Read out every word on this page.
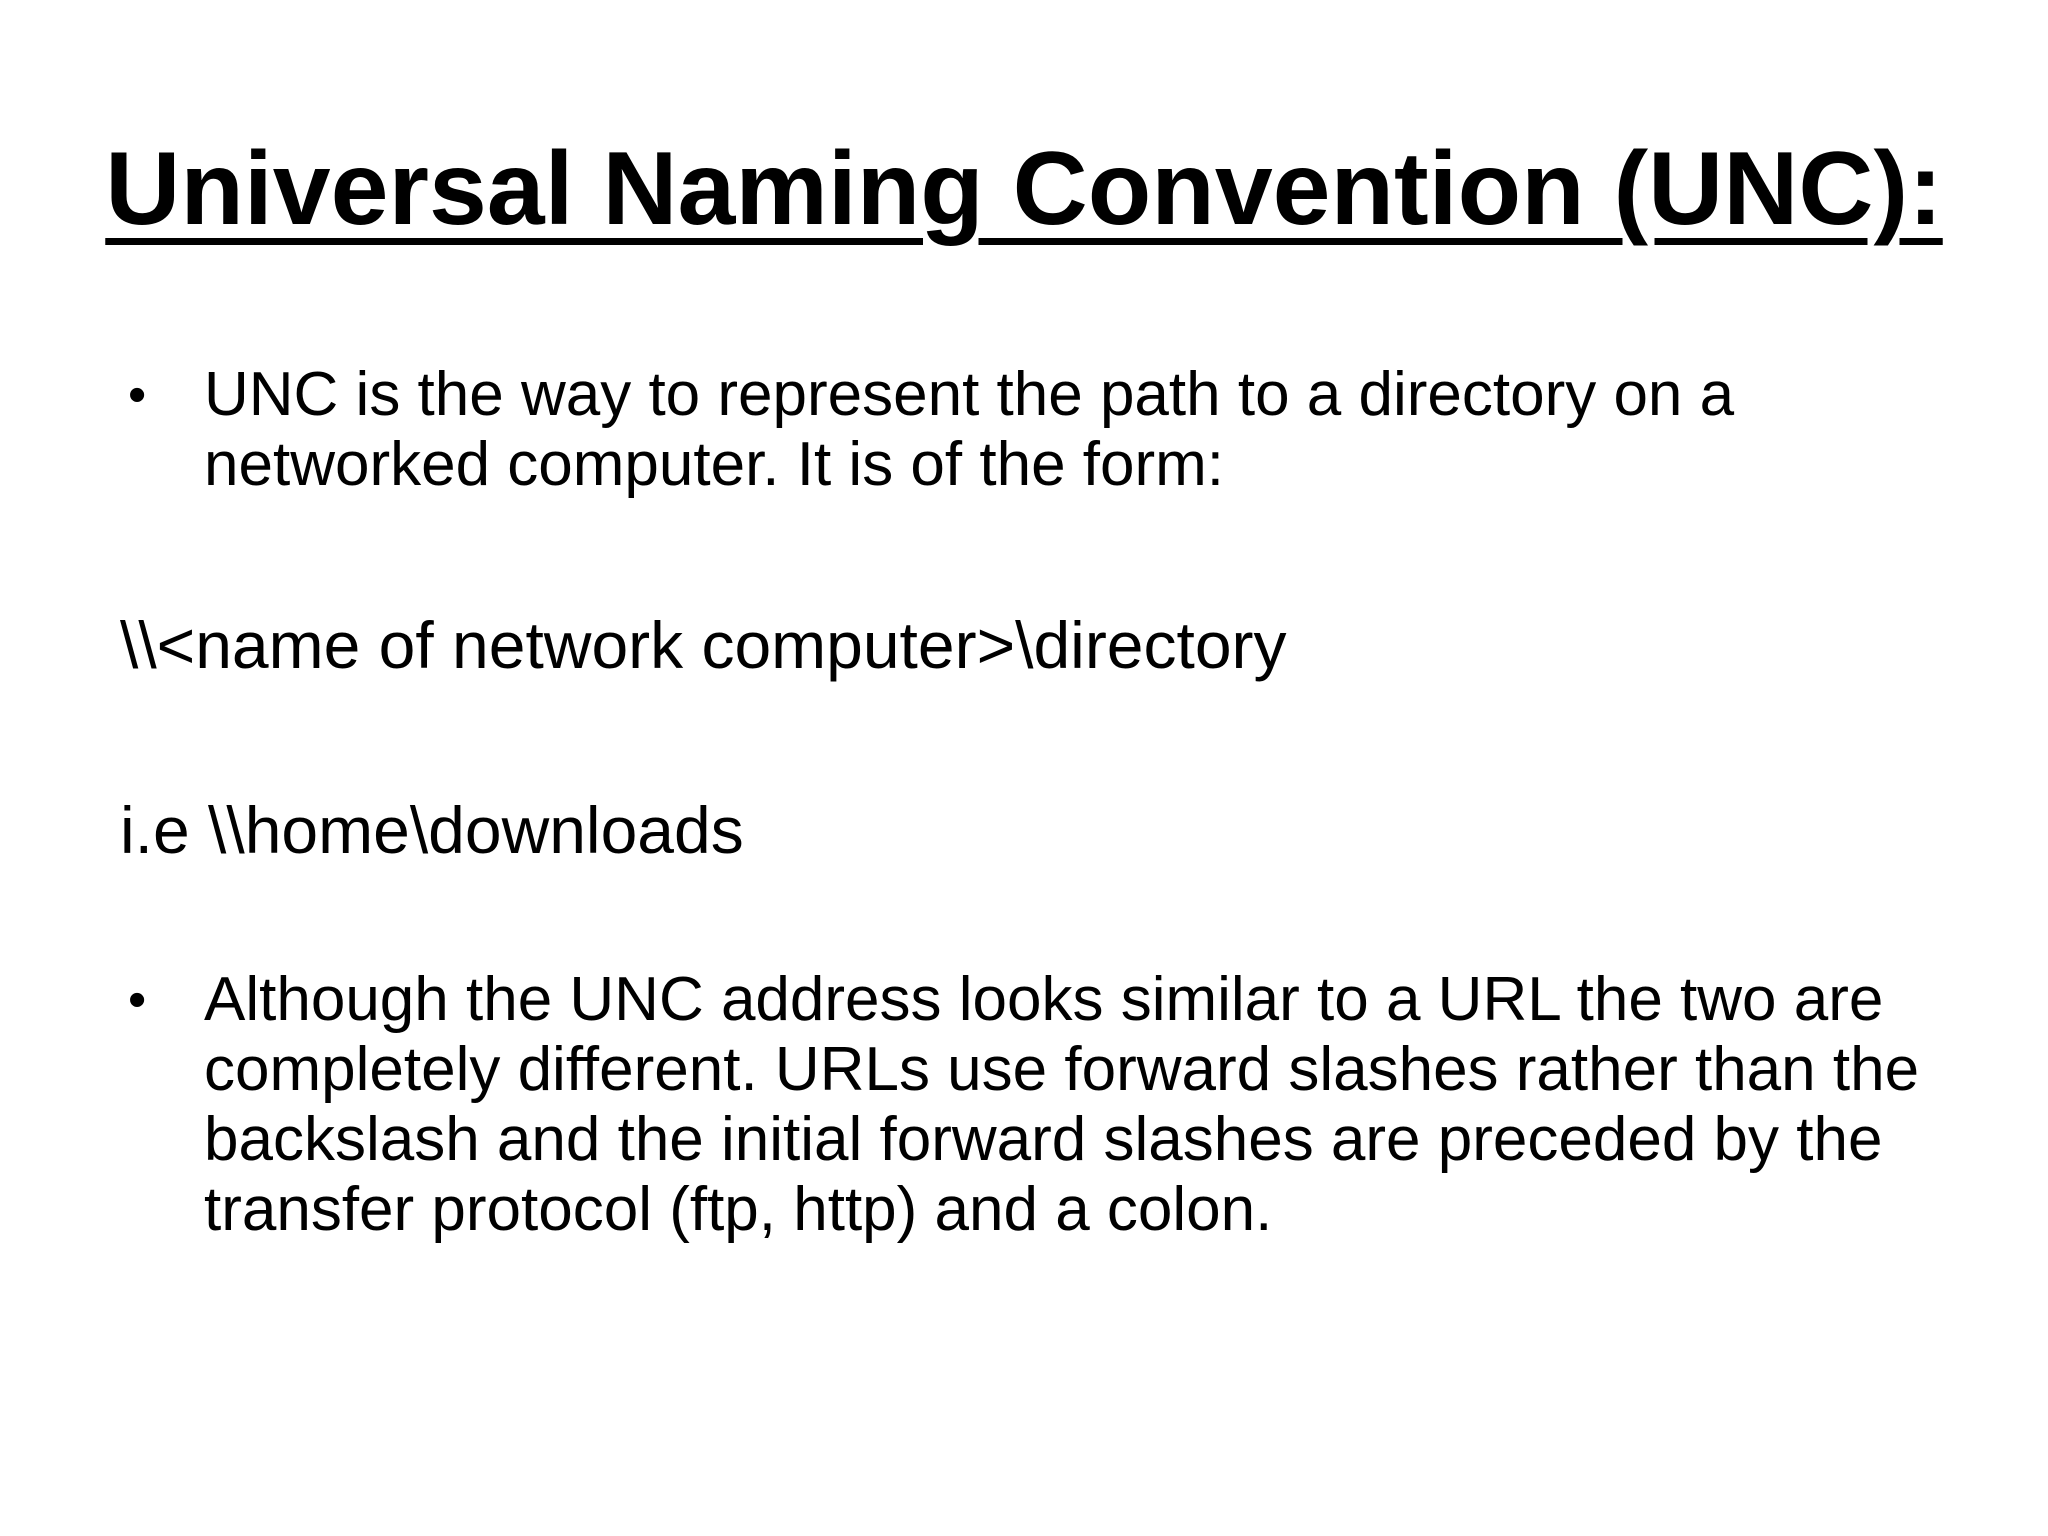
Universal Naming Convention (UNC):
• UNC is the way to represent the path to a directory on a networked computer. It is of the form:
\\<name of network computer>\directory
i.e \\home\downloads
• Although the UNC address looks similar to a URL the two are completely different. URLs use forward slashes rather than the backslash and the initial forward slashes are preceded by the transfer protocol (ftp, http) and a colon.
